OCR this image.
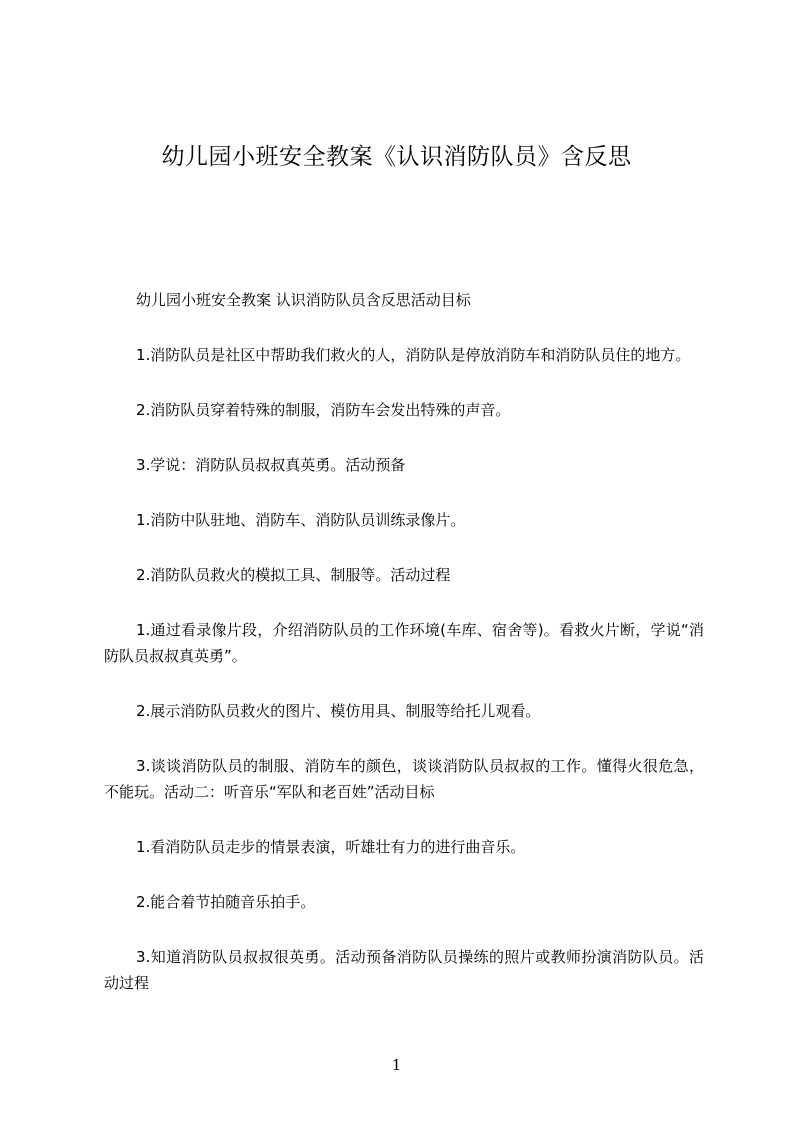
幼儿园小班安全教案《认识消防队员》含反思

幼儿园小班安全教案 认识消防队员含反思活动目标

1.消防队员是社区中帮助我们救火的人，消防队是停放消防车和消防队员住的地方。

2.消防队员穿着特殊的制服，消防车会发出特殊的声音。

3.学说：消防队员叔叔真英勇。活动预备

1.消防中队驻地、消防车、消防队员训练录像片。

2.消防队员救火的模拟工具、制服等。活动过程

1.通过看录像片段，介绍消防队员的工作环境(车库、宿舍等)。看救火片断，学说“消防队员叔叔真英勇”。

2.展示消防队员救火的图片、模仿用具、制服等给托儿观看。

3.谈谈消防队员的制服、消防车的颜色，谈谈消防队员叔叔的工作。懂得火很危急，不能玩。活动二：听音乐“军队和老百姓”活动目标

1.看消防队员走步的情景表演，听雄壮有力的进行曲音乐。

2.能合着节拍随音乐拍手。

3.知道消防队员叔叔很英勇。活动预备消防队员操练的照片或教师扮演消防队员。活动过程

1
